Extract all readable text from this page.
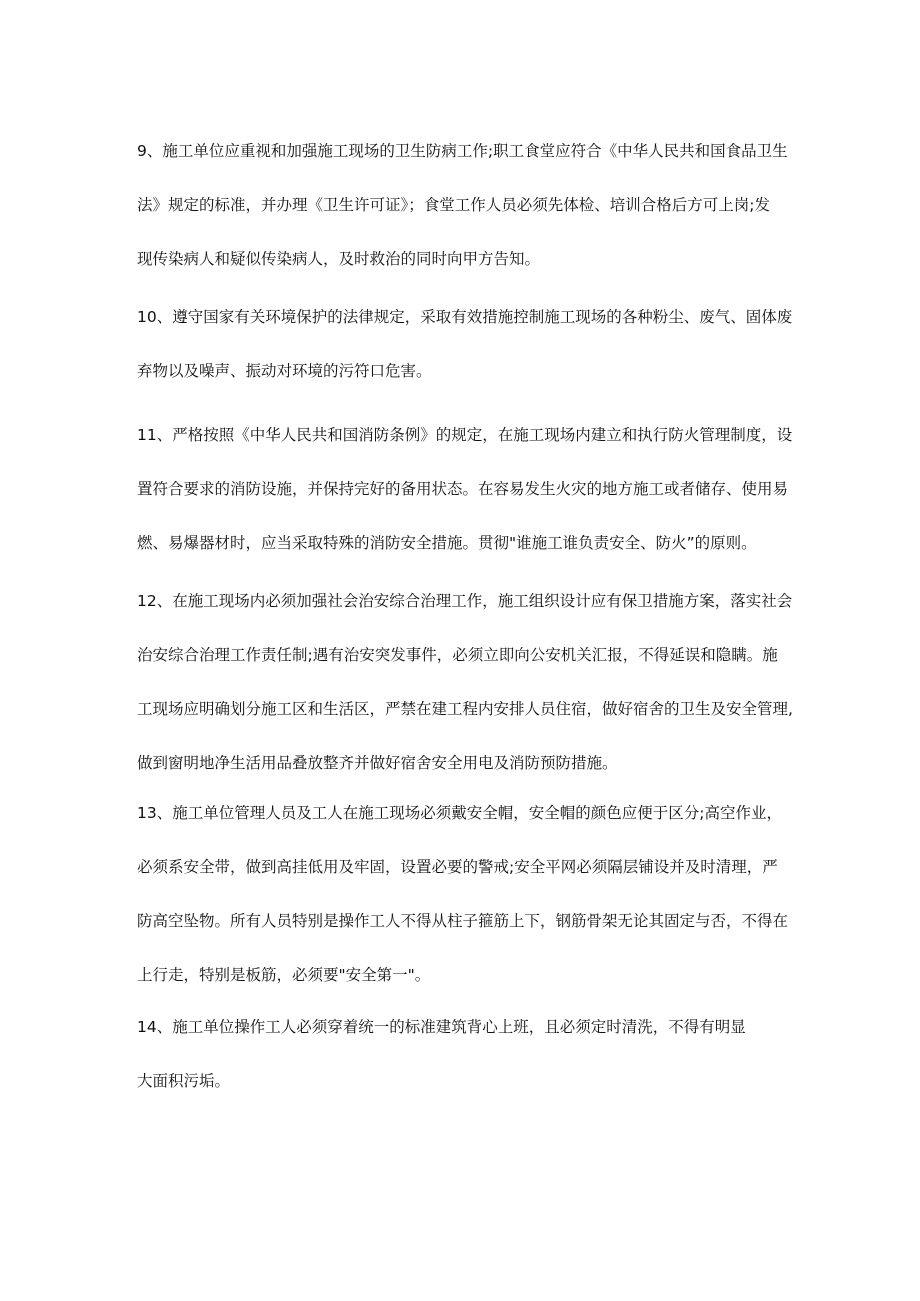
9、施工单位应重视和加强施工现场的卫生防病工作;职工食堂应符合《中华人民共和国食品卫生
法》规定的标准，并办理《卫生许可证》；食堂工作人员必须先体检、培训合格后方可上岗;发
现传染病人和疑似传染病人，及时救治的同时向甲方告知。
10、遵守国家有关环境保护的法律规定，采取有效措施控制施工现场的各种粉尘、废气、固体废
弃物以及噪声、振动对环境的污符口危害。
11、严格按照《中华人民共和国消防条例》的规定，在施工现场内建立和执行防火管理制度，设
置符合要求的消防设施，并保持完好的备用状态。在容易发生火灾的地方施工或者储存、使用易
燃、易爆器材时，应当采取特殊的消防安全措施。贯彻"谁施工谁负责安全、防火”的原则。
12、在施工现场内必须加强社会治安综合治理工作，施工组织设计应有保卫措施方案，落实社会
治安综合治理工作责任制;遇有治安突发事件，必须立即向公安机关汇报，不得延误和隐瞒。施
工现场应明确划分施工区和生活区，严禁在建工程内安排人员住宿，做好宿舍的卫生及安全管理,
做到窗明地净生活用品叠放整齐并做好宿舍安全用电及消防预防措施。
13、施工单位管理人员及工人在施工现场必须戴安全帽，安全帽的颜色应便于区分;高空作业，
必须系安全带，做到高挂低用及牢固，设置必要的警戒;安全平网必须隔层铺设并及时清理，严
防高空坠物。所有人员特别是操作工人不得从柱子箍筋上下，钢筋骨架无论其固定与否，不得在
上行走，特别是板筋，必须要"安全第一"。
14、施工单位操作工人必须穿着统一的标准建筑背心上班，且必须定时清洗，不得有明显
大面积污垢。
